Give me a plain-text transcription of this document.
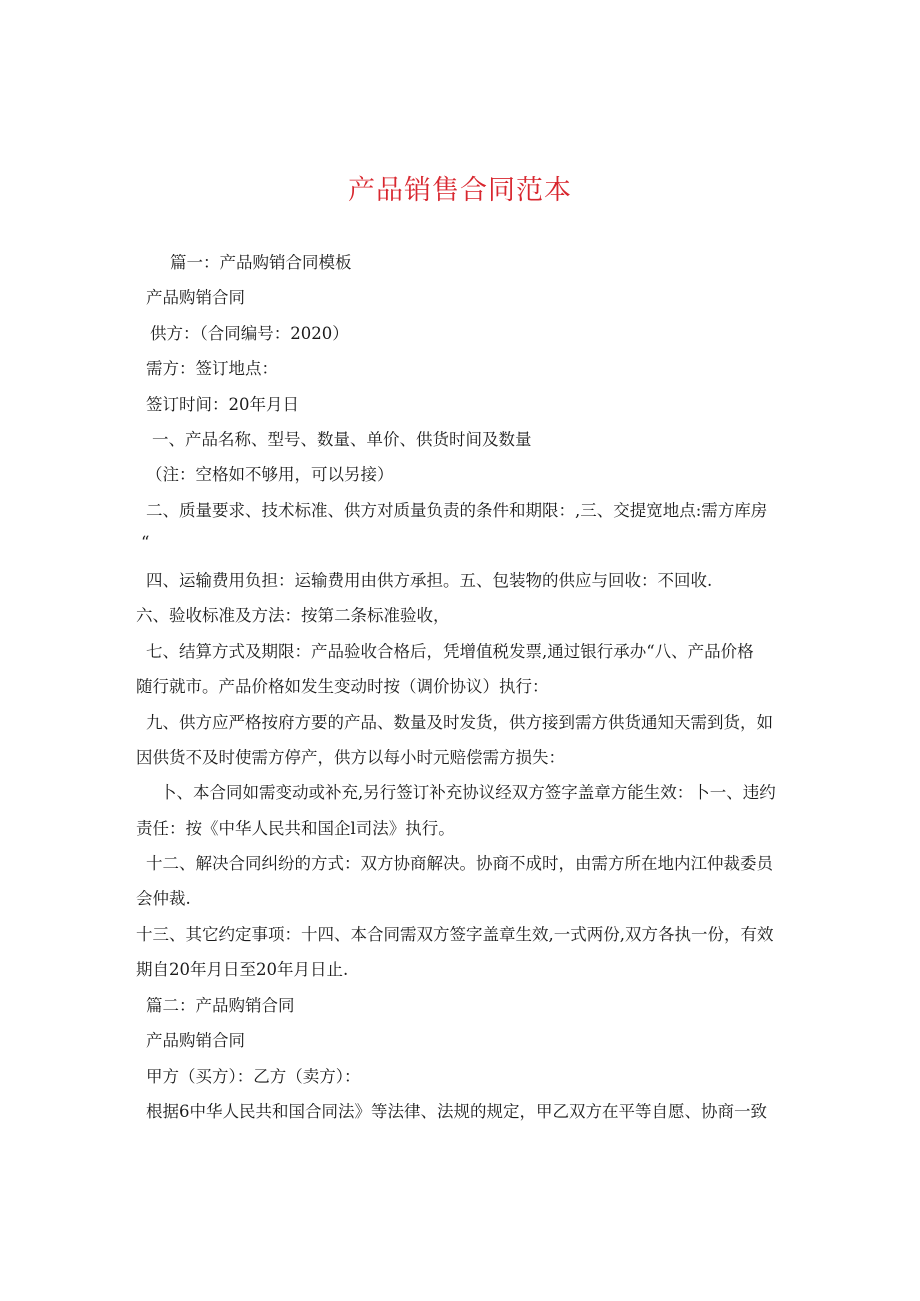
产品销售合同范本

篇一：产品购销合同模板

产品购销合同

供方：（合同编号：2020）

需方：签订地点：

签订时间：20年月日

一、产品名称、型号、数量、单价、供货时间及数量

（注：空格如不够用，可以另接）

二、质量要求、技术标准、供方对质量负责的条件和期限：,三、交提宽地点:需方库房

“

四、运输费用负担：运输费用由供方承担。五、包装物的供应与回收：不回收.

六、验收标准及方法：按第二条标准验收，

七、结算方式及期限：产品验收合格后，凭增值税发票,通过银行承办“八、产品价格

随行就市。产品价格如发生变动时按（调价协议）执行：

九、供方应严格按府方要的产品、数量及时发货，供方接到需方供货通知天需到货，如

因供货不及时使需方停产，供方以每小时元赔偿需方损失：

卜、本合同如需变动或补充,另行签订补充协议经双方签字盖章方能生效：卜一、违约

责任：按《中华人民共和国企l司法》执行。

十二、解决合同纠纷的方式：双方协商解决。协商不成时，由需方所在地内江仲裁委员

会仲裁.

十三、其它约定事项：十四、本合同需双方签字盖章生效,一式两份,双方各执一份，有效

期自20年月日至20年月日止.

篇二：产品购销合同

产品购销合同

甲方（买方）：乙方（卖方）：

根据6中华人民共和国合同法》等法律、法规的规定，甲乙双方在平等自愿、协商一致
